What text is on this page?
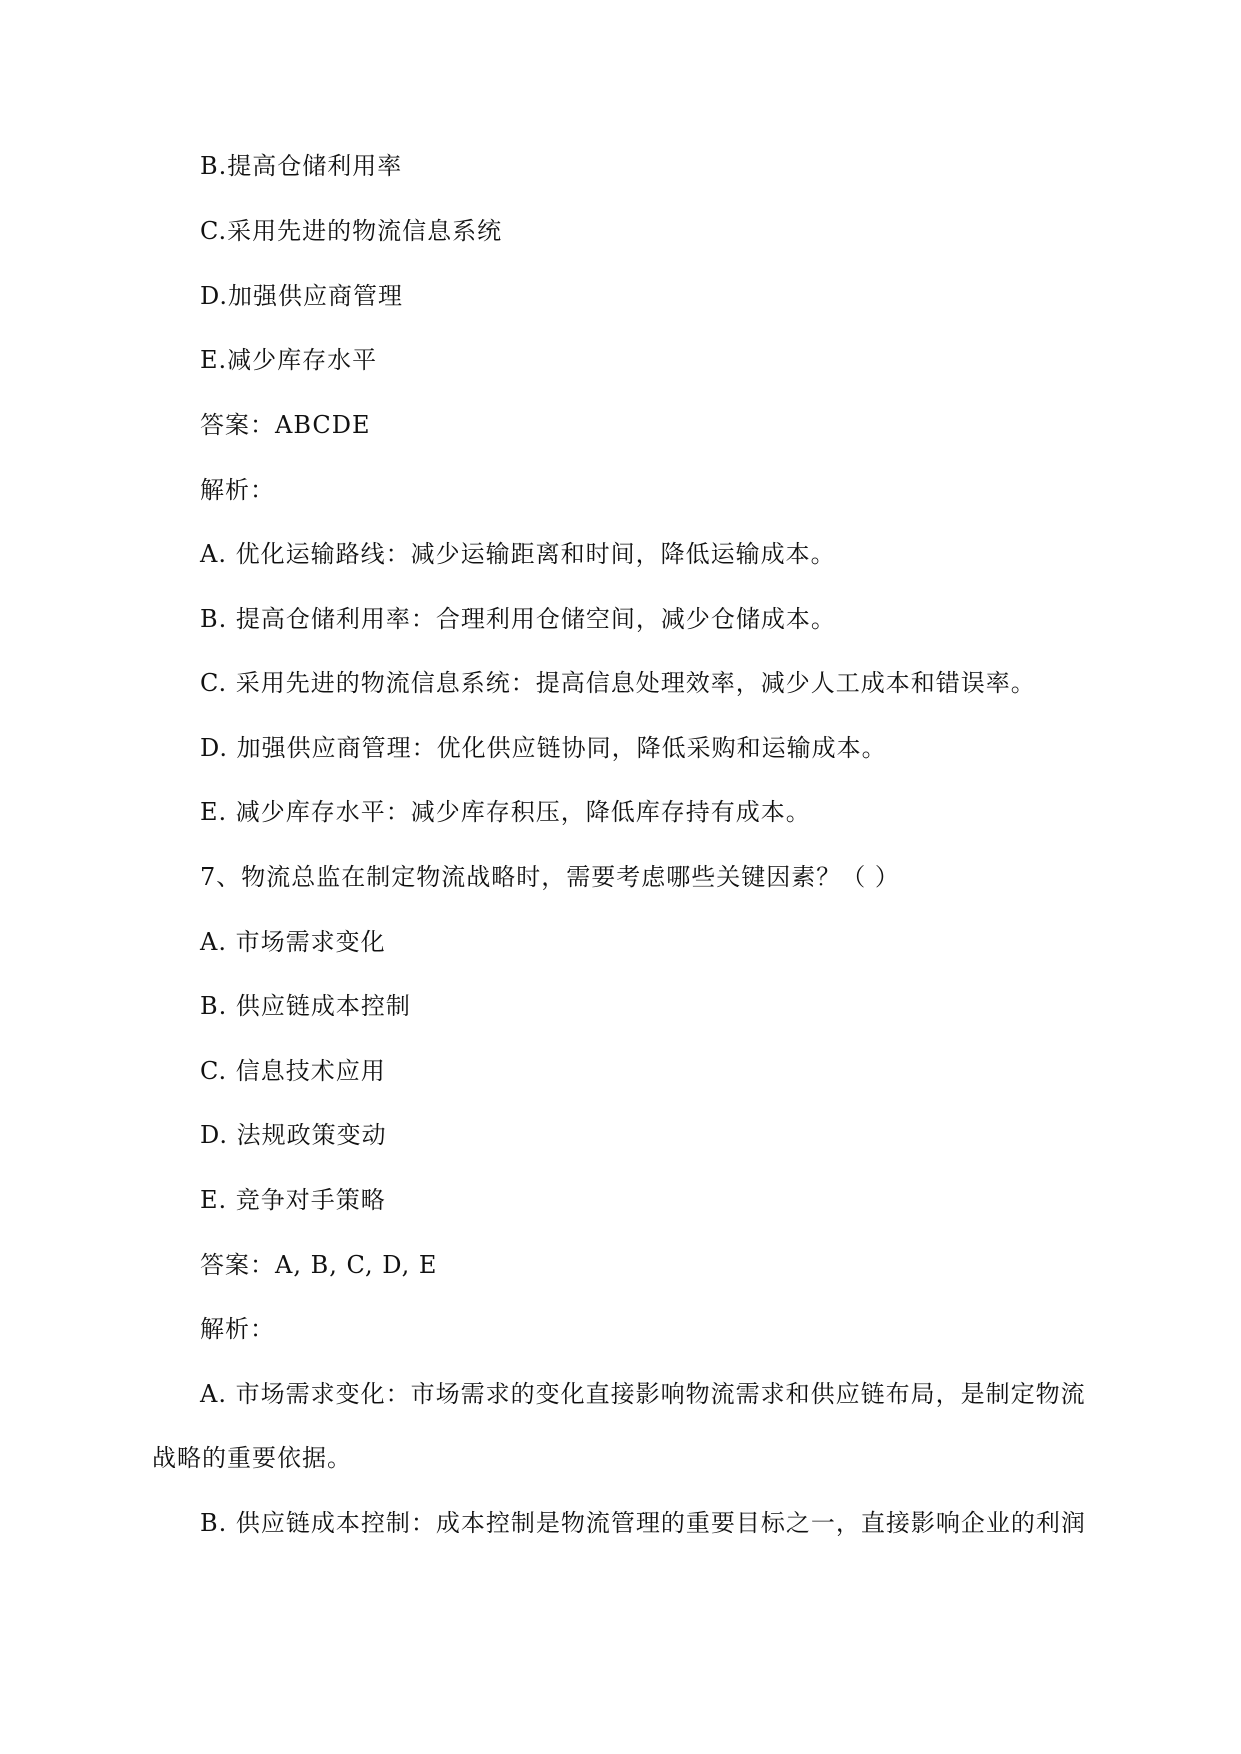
B.提高仓储利用率
C.采用先进的物流信息系统
D.加强供应商管理
E.减少库存水平
答案：ABCDE
解析：
A. 优化运输路线：减少运输距离和时间，降低运输成本。
B. 提高仓储利用率：合理利用仓储空间，减少仓储成本。
C. 采用先进的物流信息系统：提高信息处理效率，减少人工成本和错误率。
D. 加强供应商管理：优化供应链协同，降低采购和运输成本。
E. 减少库存水平：减少库存积压，降低库存持有成本。
7、物流总监在制定物流战略时，需要考虑哪些关键因素？（ ）
A. 市场需求变化
B. 供应链成本控制
C. 信息技术应用
D. 法规政策变动
E. 竞争对手策略
答案：A, B, C, D, E
解析：
A. 市场需求变化：市场需求的变化直接影响物流需求和供应链布局，是制定物流
战略的重要依据。
B. 供应链成本控制：成本控制是物流管理的重要目标之一，直接影响企业的利润
